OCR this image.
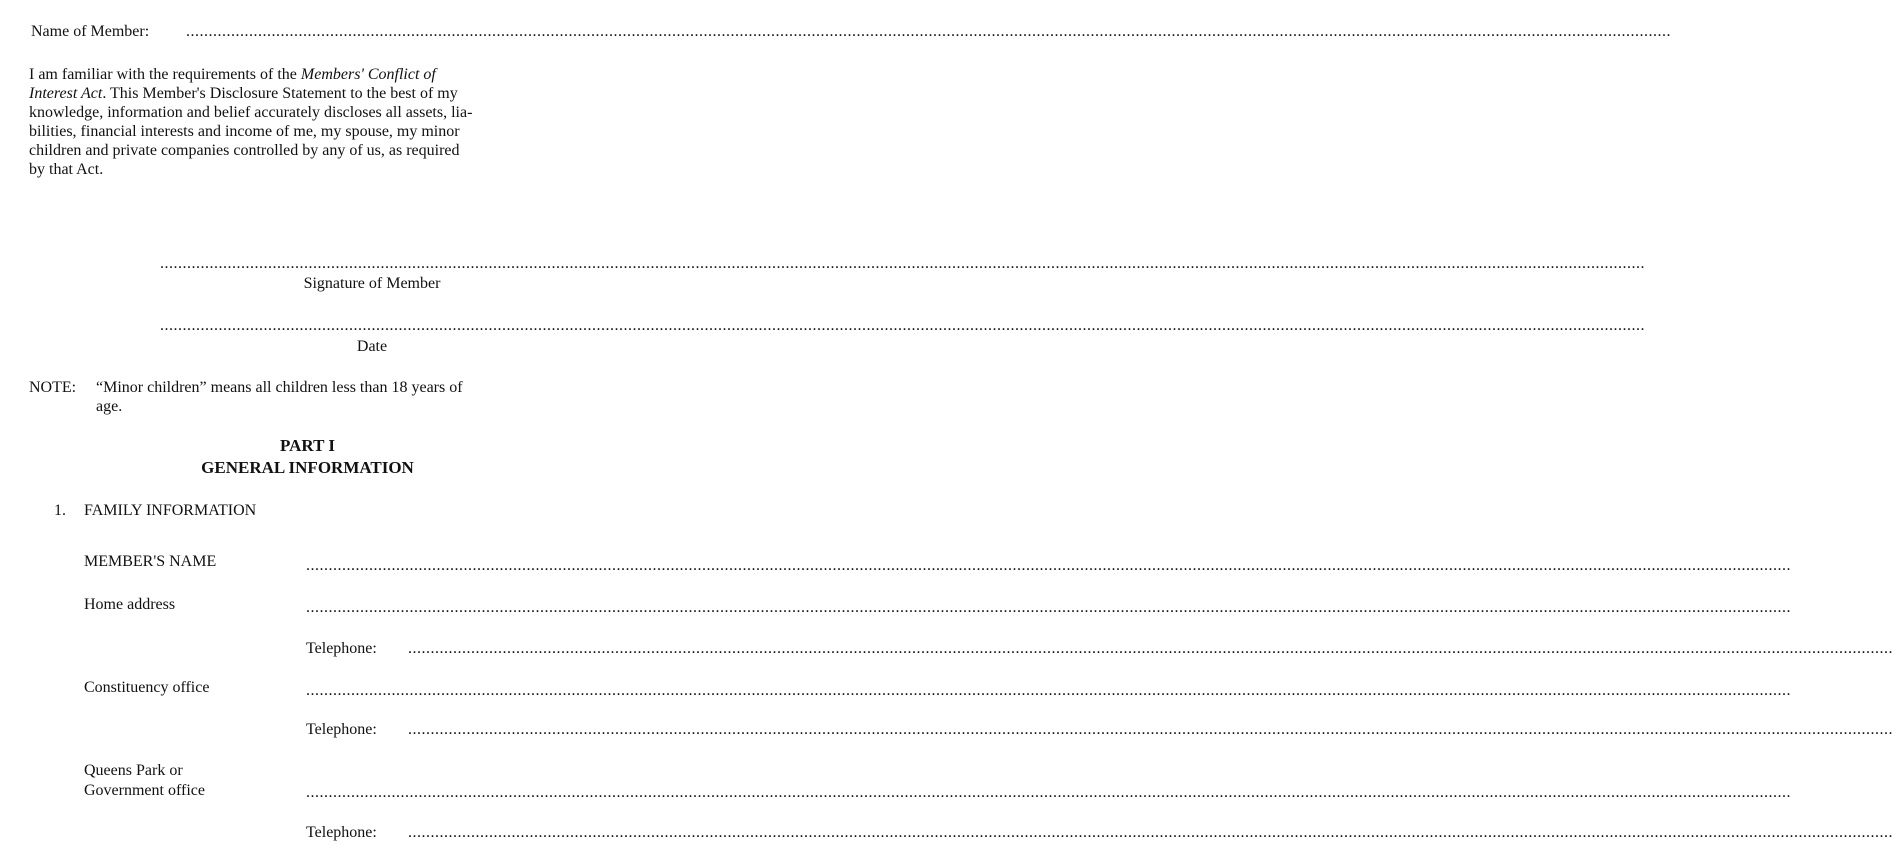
Name of Member: ..........................................................................................................................................................................................................................................................................................................................................
I am familiar with the requirements of the Members' Conflict of
Interest Act. This Member's Disclosure Statement to the best of my
knowledge, information and belief accurately discloses all assets, lia-
bilities, financial interests and income of me, my spouse, my minor
children and private companies controlled by any of us, as required
by that Act.
..........................................................................................................................................................................................................................................................................................................................................
Signature of Member
..........................................................................................................................................................................................................................................................................................................................................
Date
NOTE: “Minor children” means all children less than 18 years of
age.
PART I
GENERAL INFORMATION
1. FAMILY INFORMATION
MEMBER'S NAME	..........................................................................................................................................................................................................................................................................................................................................
Home address	..........................................................................................................................................................................................................................................................................................................................................
Telephone: ..........................................................................................................................................................................................................................................................................................................................................
Constituency office	..........................................................................................................................................................................................................................................................................................................................................
Telephone: ..........................................................................................................................................................................................................................................................................................................................................
Queens Park or
Government office	..........................................................................................................................................................................................................................................................................................................................................
Telephone: ..........................................................................................................................................................................................................................................................................................................................................
